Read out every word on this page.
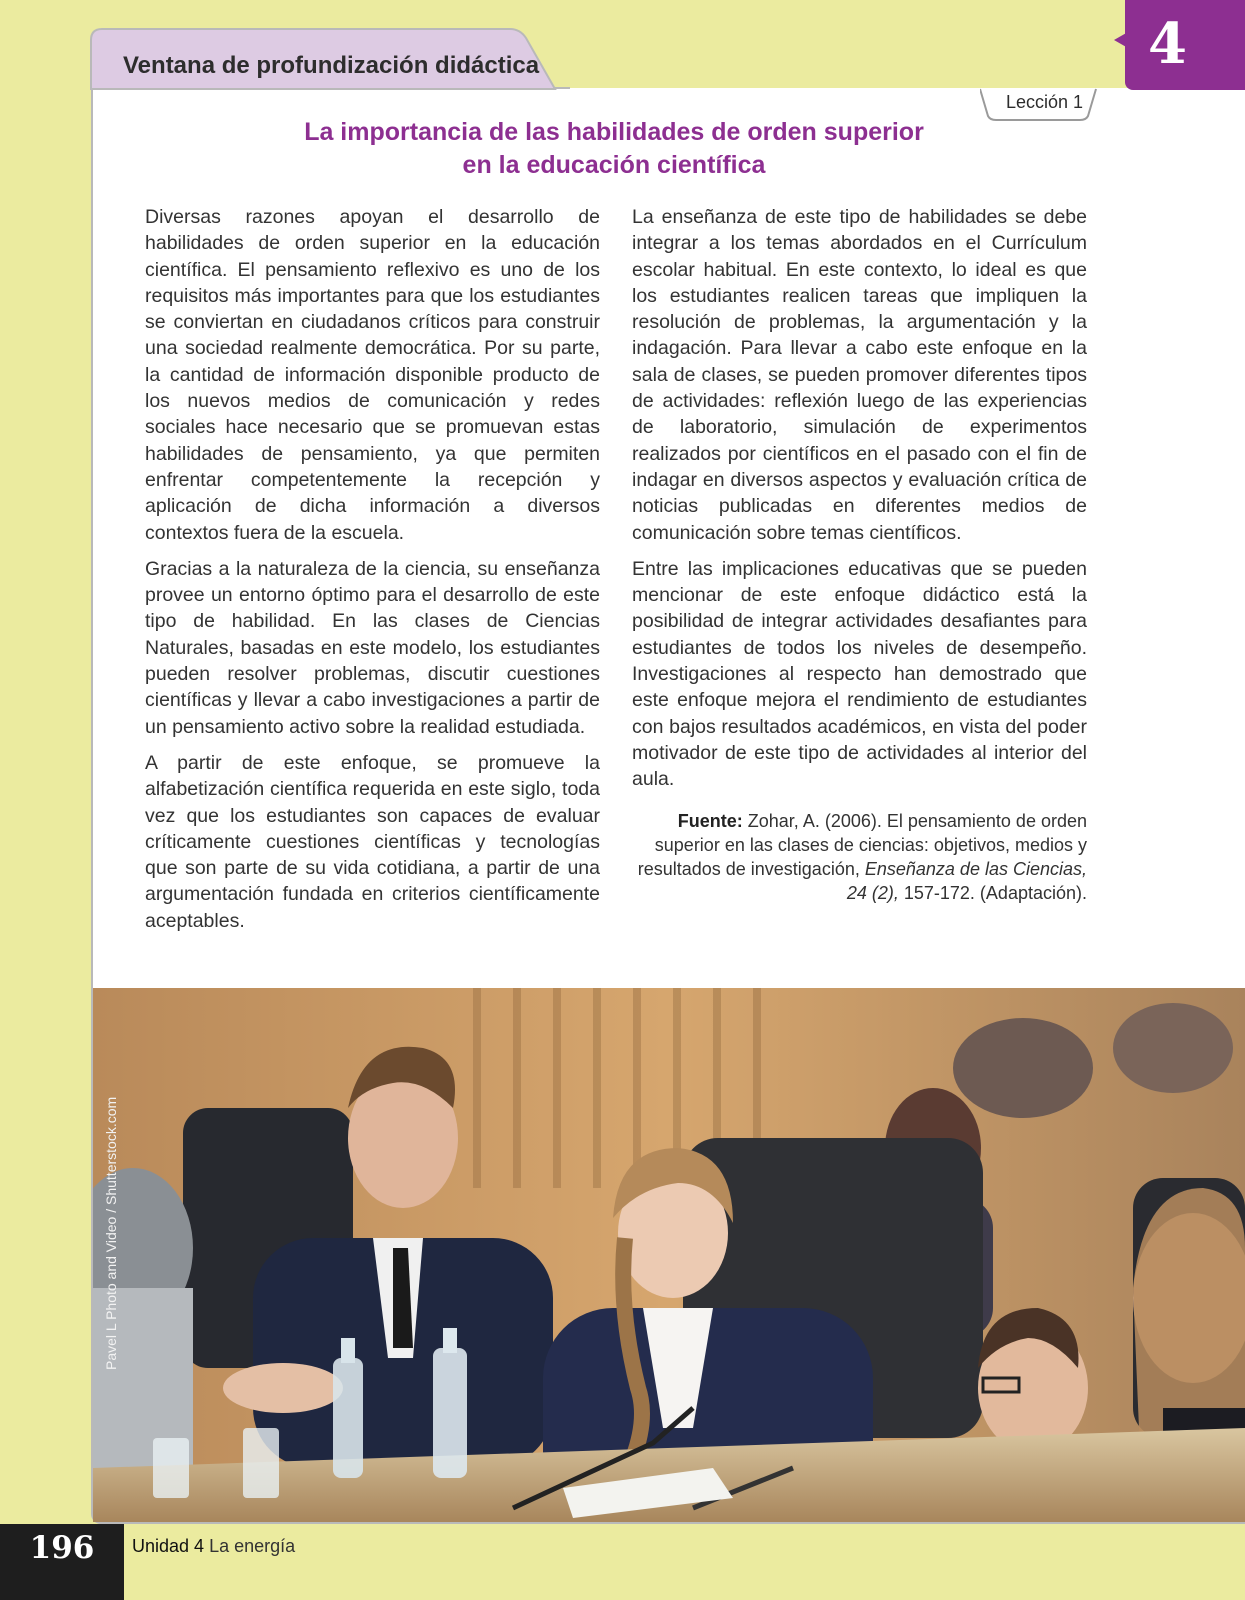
Ventana de profundización didáctica	4
Lección 1
La importancia de las habilidades de orden superior
en la educación científica

Diversas razones apoyan el desarrollo de habilidades de orden superior en la educación científica. El pensamiento reflexivo es uno de los requisitos más importantes para que los estudiantes se conviertan en ciudadanos críticos para construir una sociedad realmente democrática. Por su parte, la cantidad de información disponible producto de los nuevos medios de comunicación y redes sociales hace necesario que se promuevan estas habilidades de pensamiento, ya que permiten enfrentar competentemente la recepción y aplicación de dicha información a diversos contextos fuera de la escuela.

Gracias a la naturaleza de la ciencia, su enseñanza provee un entorno óptimo para el desarrollo de este tipo de habilidad. En las clases de Ciencias Naturales, basadas en este modelo, los estudiantes pueden resolver problemas, discutir cuestiones científicas y llevar a cabo investigaciones a partir de un pensamiento activo sobre la realidad estudiada.

A partir de este enfoque, se promueve la alfabetización científica requerida en este siglo, toda vez que los estudiantes son capaces de evaluar críticamente cuestiones científicas y tecnologías que son parte de su vida cotidiana, a partir de una argumentación fundada en criterios científicamente aceptables.

La enseñanza de este tipo de habilidades se debe integrar a los temas abordados en el Currículum escolar habitual. En este contexto, lo ideal es que los estudiantes realicen tareas que impliquen la resolución de problemas, la argumentación y la indagación. Para llevar a cabo este enfoque en la sala de clases, se pueden promover diferentes tipos de actividades: reflexión luego de las experiencias de laboratorio, simulación de experimentos realizados por científicos en el pasado con el fin de indagar en diversos aspectos y evaluación crítica de noticias publicadas en diferentes medios de comunicación sobre temas científicos.

Entre las implicaciones educativas que se pueden mencionar de este enfoque didáctico está la posibilidad de integrar actividades desafiantes para estudiantes de todos los niveles de desempeño. Investigaciones al respecto han demostrado que este enfoque mejora el rendimiento de estudiantes con bajos resultados académicos, en vista del poder motivador de este tipo de actividades al interior del aula.

Fuente: Zohar, A. (2006). El pensamiento de orden superior en las clases de ciencias: objetivos, medios y resultados de investigación, Enseñanza de las Ciencias, 24 (2), 157-172. (Adaptación).
Pavel L Photo and Video / Shutterstock.com
196	Unidad 4 La energía
